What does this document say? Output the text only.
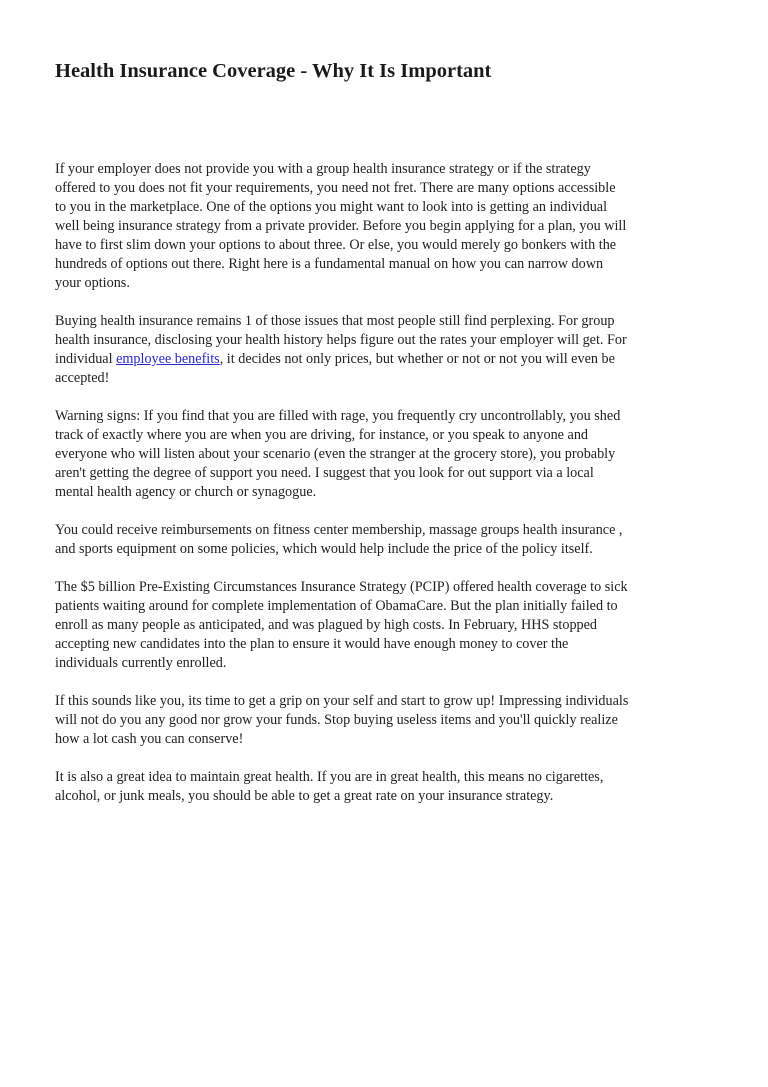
Health Insurance Coverage - Why It Is Important

If your employer does not provide you with a group health insurance strategy or if the strategy
offered to you does not fit your requirements, you need not fret. There are many options accessible
to you in the marketplace. One of the options you might want to look into is getting an individual
well being insurance strategy from a private provider. Before you begin applying for a plan, you will
have to first slim down your options to about three. Or else, you would merely go bonkers with the
hundreds of options out there. Right here is a fundamental manual on how you can narrow down
your options.

Buying health insurance remains 1 of those issues that most people still find perplexing. For group
health insurance, disclosing your health history helps figure out the rates your employer will get. For
individual employee benefits, it decides not only prices, but whether or not or not you will even be
accepted!

Warning signs: If you find that you are filled with rage, you frequently cry uncontrollably, you shed
track of exactly where you are when you are driving, for instance, or you speak to anyone and
everyone who will listen about your scenario (even the stranger at the grocery store), you probably
aren't getting the degree of support you need. I suggest that you look for out support via a local
mental health agency or church or synagogue.

You could receive reimbursements on fitness center membership, massage groups health insurance ,
and sports equipment on some policies, which would help include the price of the policy itself.

The $5 billion Pre-Existing Circumstances Insurance Strategy (PCIP) offered health coverage to sick
patients waiting around for complete implementation of ObamaCare. But the plan initially failed to
enroll as many people as anticipated, and was plagued by high costs. In February, HHS stopped
accepting new candidates into the plan to ensure it would have enough money to cover the
individuals currently enrolled.

If this sounds like you, its time to get a grip on your self and start to grow up! Impressing individuals
will not do you any good nor grow your funds. Stop buying useless items and you'll quickly realize
how a lot cash you can conserve!

It is also a great idea to maintain great health. If you are in great health, this means no cigarettes,
alcohol, or junk meals, you should be able to get a great rate on your insurance strategy.
